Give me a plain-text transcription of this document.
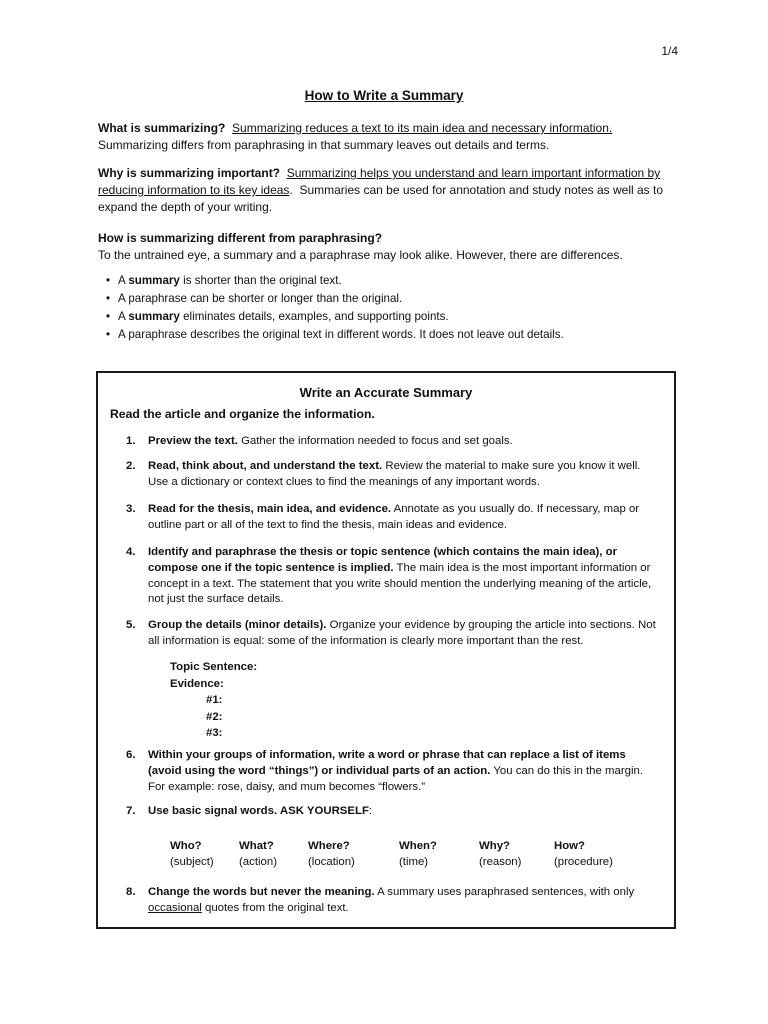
1/4
How to Write a Summary
What is summarizing? Summarizing reduces a text to its main idea and necessary information.  Summarizing differs from paraphrasing in that summary leaves out details and terms.
Why is summarizing important? Summarizing helps you understand and learn important information by reducing information to its key ideas. Summaries can be used for annotation and study notes as well as to expand the depth of your writing.
How is summarizing different from paraphrasing?
To the untrained eye, a summary and a paraphrase may look alike. However, there are differences.
• A summary is shorter than the original text.
• A paraphrase can be shorter or longer than the original.
• A summary eliminates details, examples, and supporting points.
• A paraphrase describes the original text in different words. It does not leave out details.
Write an Accurate Summary
Read the article and organize the information.
1. Preview the text. Gather the information needed to focus and set goals.
2. Read, think about, and understand the text. Review the material to make sure you know it well. Use a dictionary or context clues to find the meanings of any important words.
3. Read for the thesis, main idea, and evidence. Annotate as you usually do. If necessary, map or outline part or all of the text to find the thesis, main ideas and evidence.
4. Identify and paraphrase the thesis or topic sentence (which contains the main idea), or compose one if the topic sentence is implied. The main idea is the most important information or concept in a text. The statement that you write should mention the underlying meaning of the article, not just the surface details.
5. Group the details (minor details). Organize your evidence by grouping the article into sections. Not all information is equal: some of the information is clearly more important than the rest.
Topic Sentence:
Evidence:
#1:
#2:
#3:
6. Within your groups of information, write a word or phrase that can replace a list of items (avoid using the word “things”) or individual parts of an action. You can do this in the margin. For example: rose, daisy, and mum becomes “flowers.”
7. Use basic signal words. ASK YOURSELF:
Who?
(subject)
What?
(action)
Where?
(location)
When?
(time)
Why?
(reason)
How?
(procedure)
8. Change the words but never the meaning. A summary uses paraphrased sentences, with only occasional quotes from the original text.
